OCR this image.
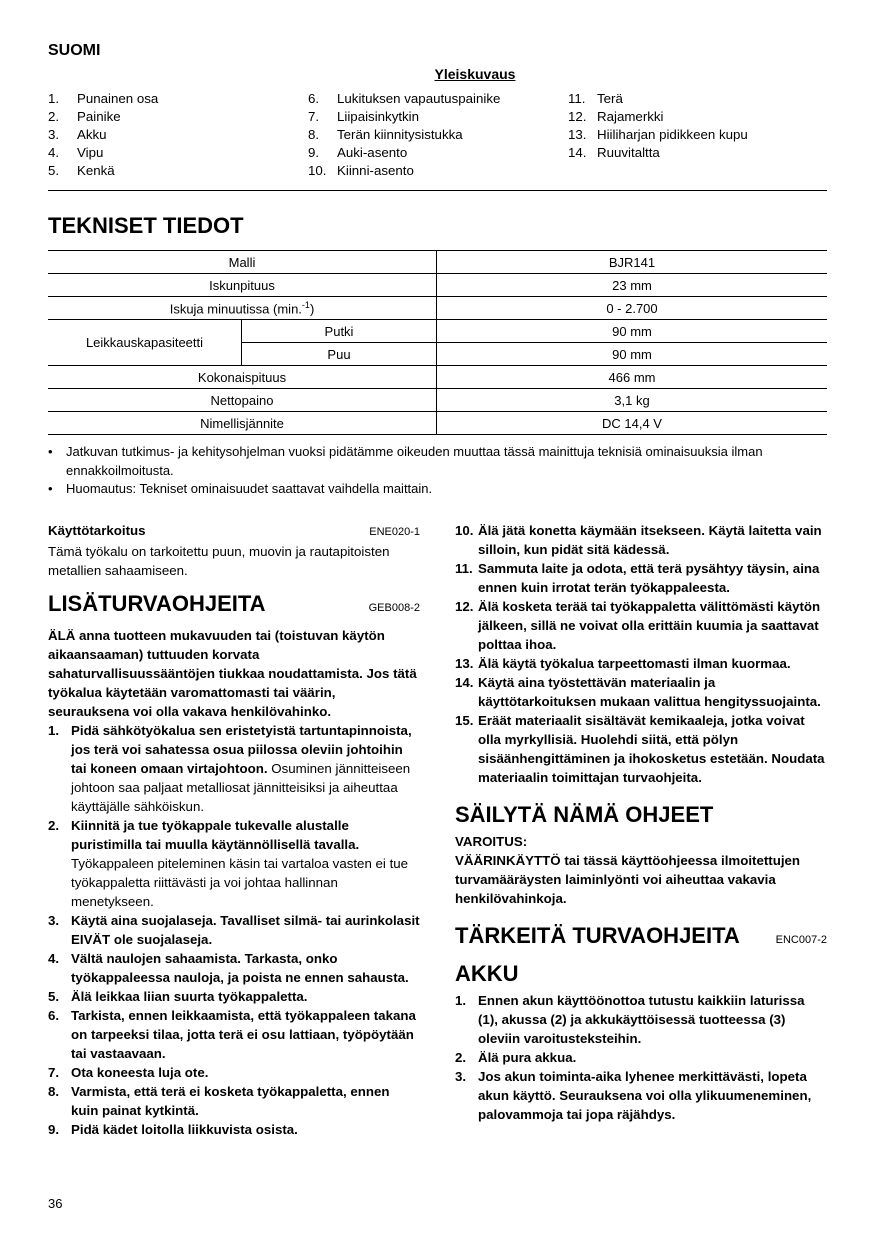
SUOMI
Yleiskuvaus
1.	Punainen osa
2.	Painike
3.	Akku
4.	Vipu
5.	Kenkä
6.	Lukituksen vapautuspainike
7.	Liipaisinkytkin
8.	Terän kiinnitysistukka
9.	Auki-asento
10. Kiinni-asento
11. Terä
12. Rajamerkki
13. Hiiliharjan pidikkeen kupu
14. Ruuvitaltta
TEKNISET TIEDOT
Malli		BJR141
Iskunpituus		23 mm
Iskuja minuutissa (min.$^{-1}$)		0 - 2.700
Leikkauskapasiteetti	Putki	90 mm
	Puu	90 mm
Kokonaispituus		466 mm
Nettopaino		3,1 kg
Nimellisjännite		DC 14,4 V
•	Jatkuvan tutkimus- ja kehitysohjelman vuoksi pidätämme oikeuden muuttaa tässä mainittuja teknisiä ominaisuuksia ilman ennakkoilmoitusta.
•	Huomautus: Tekniset ominaisuudet saattavat vaihdella maittain.
Käyttötarkoitus	ENE020-1
Tämä työkalu on tarkoitettu puun, muovin ja rautapitoisten metallien sahaamiseen.
LISÄTURVAOHJEITA	GEB008-2
ÄLÄ anna tuotteen mukavuuden tai (toistuvan käytön aikaansaaman) tuttuuden korvata sahaturvallisuussääntöjen tiukkaa noudattamista. Jos tätä työkalua käytetään varomattomasti tai väärin, seurauksena voi olla vakava henkilövahinko.
1. Pidä sähkötyökalua sen eristetyistä tartuntapinnoista, jos terä voi sahatessa osua piilossa oleviin johtoihin tai koneen omaan virtajohtoon. Osuminen jännitteiseen johtoon saa paljaat metalliosat jännitteisiksi ja aiheuttaa käyttäjälle sähköiskun.
2. Kiinnitä ja tue työkappale tukevalle alustalle puristimilla tai muulla käytännöllisellä tavalla. Työkappaleen piteleminen käsin tai vartaloa vasten ei tue työkappaletta riittävästi ja voi johtaa hallinnan menetykseen.
3. Käytä aina suojalaseja. Tavalliset silmä- tai aurinkolasit EIVÄT ole suojalaseja.
4. Vältä naulojen sahaamista. Tarkasta, onko työkappaleessa nauloja, ja poista ne ennen sahausta.
5. Älä leikkaa liian suurta työkappaletta.
6. Tarkista, ennen leikkaamista, että työkappaleen takana on tarpeeksi tilaa, jotta terä ei osu lattiaan, työpöytään tai vastaavaan.
7. Ota koneesta luja ote.
8. Varmista, että terä ei kosketa työkappaletta, ennen kuin painat kytkintä.
9. Pidä kädet loitolla liikkuvista osista.
10. Älä jätä konetta käymään itsekseen. Käytä laitetta vain silloin, kun pidät sitä kädessä.
11. Sammuta laite ja odota, että terä pysähtyy täysin, aina ennen kuin irrotat terän työkappaleesta.
12. Älä kosketa terää tai työkappaletta välittömästi käytön jälkeen, sillä ne voivat olla erittäin kuumia ja saattavat polttaa ihoa.
13. Älä käytä työkalua tarpeettomasti ilman kuormaa.
14. Käytä aina työstettävän materiaalin ja käyttötarkoituksen mukaan valittua hengityssuojainta.
15. Eräät materiaalit sisältävät kemikaaleja, jotka voivat olla myrkyllisiä. Huolehdi siitä, että pölyn sisäänhengittäminen ja ihokosketus estetään. Noudata materiaalin toimittajan turvaohjeita.
SÄILYTÄ NÄMÄ OHJEET
VAROITUS:
VÄÄRINKÄYTTÖ tai tässä käyttöohjeessa ilmoitettujen turvamääräysten laiminlyönti voi aiheuttaa vakavia henkilövahinkoja.
TÄRKEITÄ TURVAOHJEITA	ENC007-2
AKKU
1. Ennen akun käyttöönottoa tutustu kaikkiin laturissa (1), akussa (2) ja akkukäyttöisessä tuotteessa (3) oleviin varoitusteksteihin.
2. Älä pura akkua.
3. Jos akun toiminta-aika lyhenee merkittävästi, lopeta akun käyttö. Seurauksena voi olla ylikuumeneminen, palovammoja tai jopa räjähdys.
36
